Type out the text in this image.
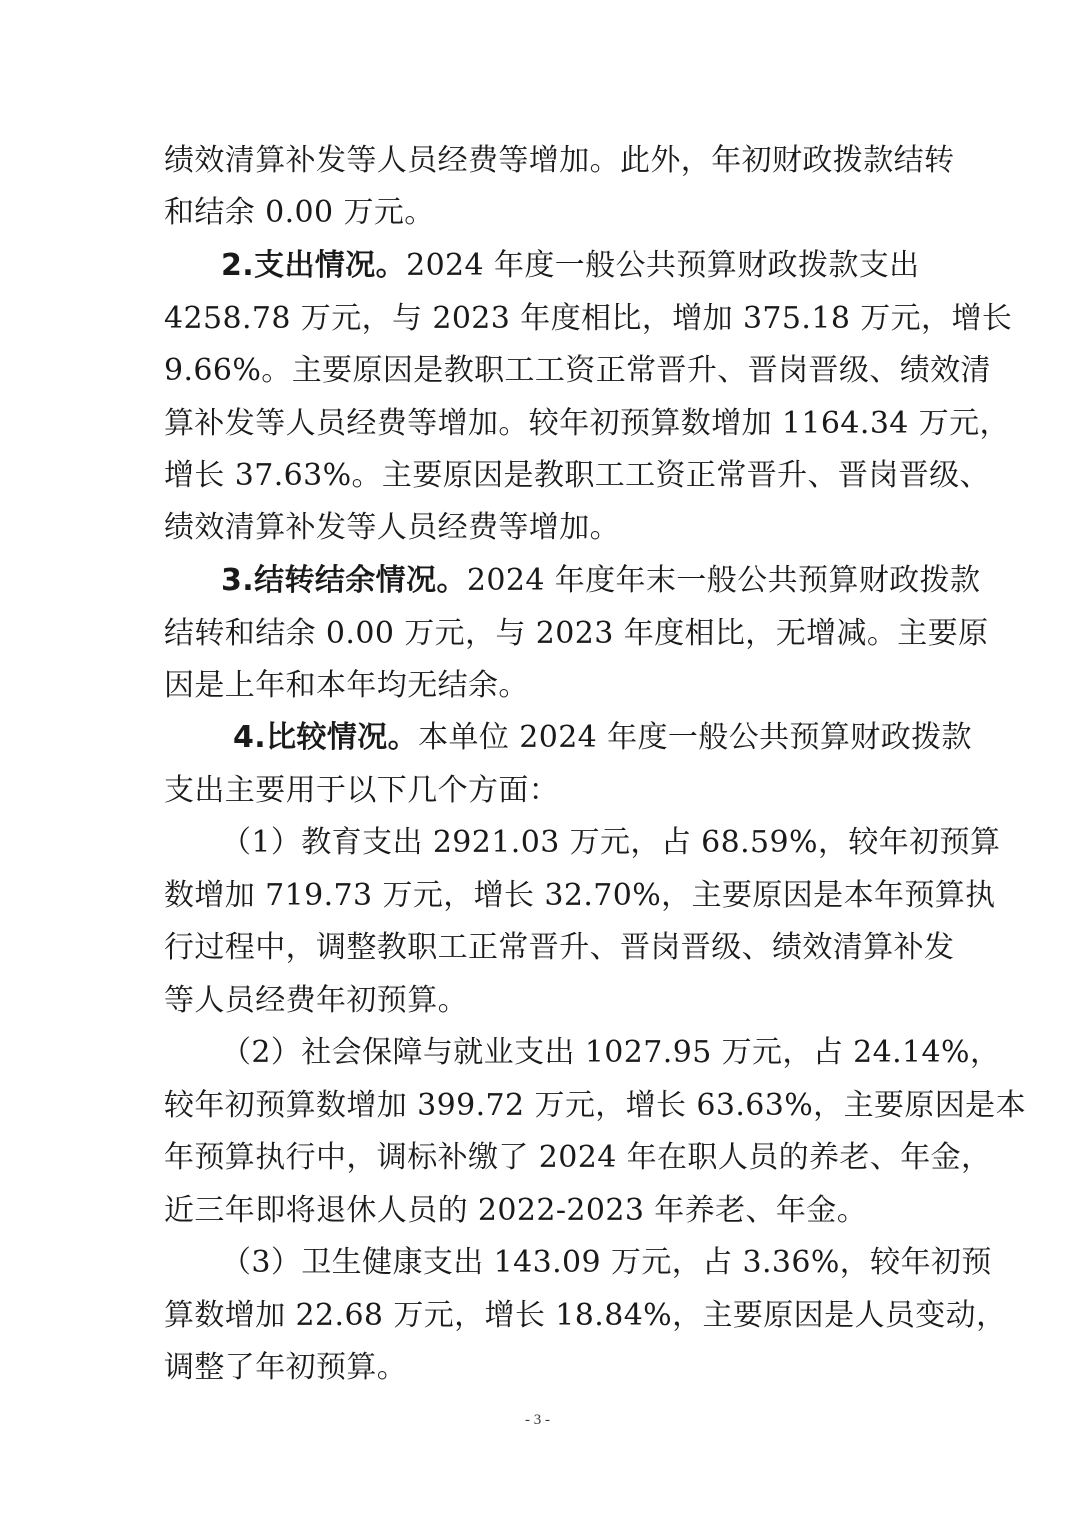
绩效清算补发等人员经费等增加。此外，年初财政拨款结转
和结余 0.00 万元。
2.支出情况。2024 年度一般公共预算财政拨款支出
4258.78 万元，与 2023 年度相比，增加 375.18 万元，增长
9.66%。主要原因是教职工工资正常晋升、晋岗晋级、绩效清
算补发等人员经费等增加。较年初预算数增加 1164.34 万元，
增长 37.63%。主要原因是教职工工资正常晋升、晋岗晋级、
绩效清算补发等人员经费等增加。
3.结转结余情况。2024 年度年末一般公共预算财政拨款
结转和结余 0.00 万元，与 2023 年度相比，无增减。主要原
因是上年和本年均无结余。
4.比较情况。本单位 2024 年度一般公共预算财政拨款
支出主要用于以下几个方面：
（1）教育支出 2921.03 万元，占 68.59%，较年初预算
数增加 719.73 万元，增长 32.70%，主要原因是本年预算执
行过程中，调整教职工正常晋升、晋岗晋级、绩效清算补发
等人员经费年初预算。
（2）社会保障与就业支出 1027.95 万元，占 24.14%，
较年初预算数增加 399.72 万元，增长 63.63%，主要原因是本
年预算执行中，调标补缴了 2024 年在职人员的养老、年金，
近三年即将退休人员的 2022-2023 年养老、年金。
（3）卫生健康支出 143.09 万元，占 3.36%，较年初预
算数增加 22.68 万元，增长 18.84%，主要原因是人员变动，
调整了年初预算。
- 3 -
